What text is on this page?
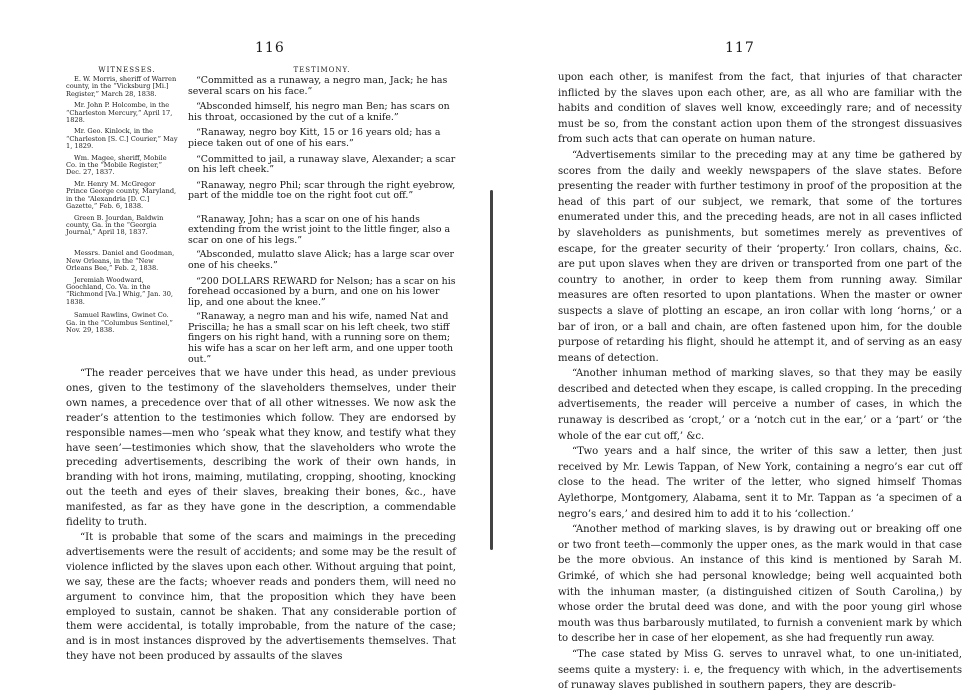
116	117
WITNESSES.	TESTIMONY.
E. W. Morris, sheriff of Warren county, in the “Vicksburg [Mi.] Register,” March 28, 1838.
“Committed as a runaway, a negro man, Jack; he has several scars on his face.”
Mr. John P. Holcombe, in the “Charleston Mercury,” April 17, 1828.
“Absconded himself, his negro man Ben; has scars on his throat, occasioned by the cut of a knife.”
Mr. Geo. Kinlock, in the “Charleston [S. C.] Courier,” May 1, 1829.
“Ranaway, negro boy Kitt, 15 or 16 years old; has a piece taken out of one of his ears.”
Wm. Magee, sheriff, Mobile Co. in the “Mobile Register,” Dec. 27, 1837.
“Committed to jail, a runaway slave, Alexander; a scar on his left cheek.”
Mr. Henry M. McGregor Prince George county, Maryland, in the “Alexandria [D. C.] Gazette,” Feb. 6, 1838.
“Ranaway, negro Phil; scar through the right eyebrow, part of the middle toe on the right foot cut off.”
Green B. Jourdan, Baldwin county, Ga. in the “Georgia Journal,” April 18, 1837.
“Ranaway, John; has a scar on one of his hands extending from the wrist joint to the little finger, also a scar on one of his legs.”
Messrs. Daniel and Goodman, New Orleans, in the “New Orleans Bee,” Feb. 2, 1838.
“Absconded, mulatto slave Alick; has a large scar over one of his cheeks.”
Jeremiah Woodward, Goochland, Co. Va. in the “Richmond [Va.] Whig,” Jan. 30, 1838.
“200 DOLLARS REWARD for Nelson; has a scar on his forehead occasioned by a burn, and one on his lower lip, and one about the knee.”
Samuel Rawlins, Gwinet Co. Ga. in the “Columbus Sentinel,” Nov. 29, 1838.
“Ranaway, a negro man and his wife, named Nat and Priscilla; he has a small scar on his left cheek, two stiff fingers on his right hand, with a running sore on them; his wife has a scar on her left arm, and one upper tooth out.”

“The reader perceives that we have under this head, as under previous ones, given to the testimony of the slaveholders themselves, under their own names, a precedence over that of all other witnesses. We now ask the reader’s attention to the testimonies which follow. They are endorsed by responsible names—men who ‘speak what they know, and testify what they have seen’—testimonies which show, that the slaveholders who wrote the preceding advertisements, describing the work of their own hands, in branding with hot irons, maiming, mutilating, cropping, shooting, knocking out the teeth and eyes of their slaves, breaking their bones, &c., have manifested, as far as they have gone in the description, a commendable fidelity to truth.

“It is probable that some of the scars and maimings in the preceding advertisements were the result of accidents; and some may be the result of violence inflicted by the slaves upon each other. Without arguing that point, we say, these are the facts; whoever reads and ponders them, will need no argument to convince him, that the proposition which they have been employed to sustain, cannot be shaken. That any considerable portion of them were accidental, is totally improbable, from the nature of the case; and is in most instances disproved by the advertisements themselves. That they have not been produced by assaults of the slaves

upon each other, is manifest from the fact, that injuries of that character inflicted by the slaves upon each other, are, as all who are familiar with the habits and condition of slaves well know, exceedingly rare; and of necessity must be so, from the constant action upon them of the strongest dissuasives from such acts that can operate on human nature.

“Advertisements similar to the preceding may at any time be gathered by scores from the daily and weekly newspapers of the slave states. Before presenting the reader with further testimony in proof of the proposition at the head of this part of our subject, we remark, that some of the tortures enumerated under this, and the preceding heads, are not in all cases inflicted by slaveholders as punishments, but sometimes merely as preventives of escape, for the greater security of their ‘property.’ Iron collars, chains, &c. are put upon slaves when they are driven or transported from one part of the country to another, in order to keep them from running away. Similar measures are often resorted to upon plantations. When the master or owner suspects a slave of plotting an escape, an iron collar with long ‘horns,’ or a bar of iron, or a ball and chain, are often fastened upon him, for the double purpose of retarding his flight, should he attempt it, and of serving as an easy means of detection.

“Another inhuman method of marking slaves, so that they may be easily described and detected when they escape, is called cropping. In the preceding advertisements, the reader will perceive a number of cases, in which the runaway is described as ‘cropt,’ or a ‘notch cut in the ear,’ or a ‘part’ or ‘the whole of the ear cut off,’ &c.

“Two years and a half since, the writer of this saw a letter, then just received by Mr. Lewis Tappan, of New York, containing a negro’s ear cut off close to the head. The writer of the letter, who signed himself Thomas Aylethorpe, Montgomery, Alabama, sent it to Mr. Tappan as ‘a specimen of a negro’s ears,’ and desired him to add it to his ‘collection.’

“Another method of marking slaves, is by drawing out or breaking off one or two front teeth—commonly the upper ones, as the mark would in that case be the more obvious. An instance of this kind is mentioned by Sarah M. Grimké, of which she had personal knowledge; being well acquainted both with the inhuman master, (a distinguished citizen of South Carolina,) by whose order the brutal deed was done, and with the poor young girl whose mouth was thus barbarously mutilated, to furnish a convenient mark by which to describe her in case of her elopement, as she had frequently run away.

“The case stated by Miss G. serves to unravel what, to one un-initiated, seems quite a mystery: i. e, the frequency with which, in the advertisements of runaway slaves published in southern papers, they are describ-
